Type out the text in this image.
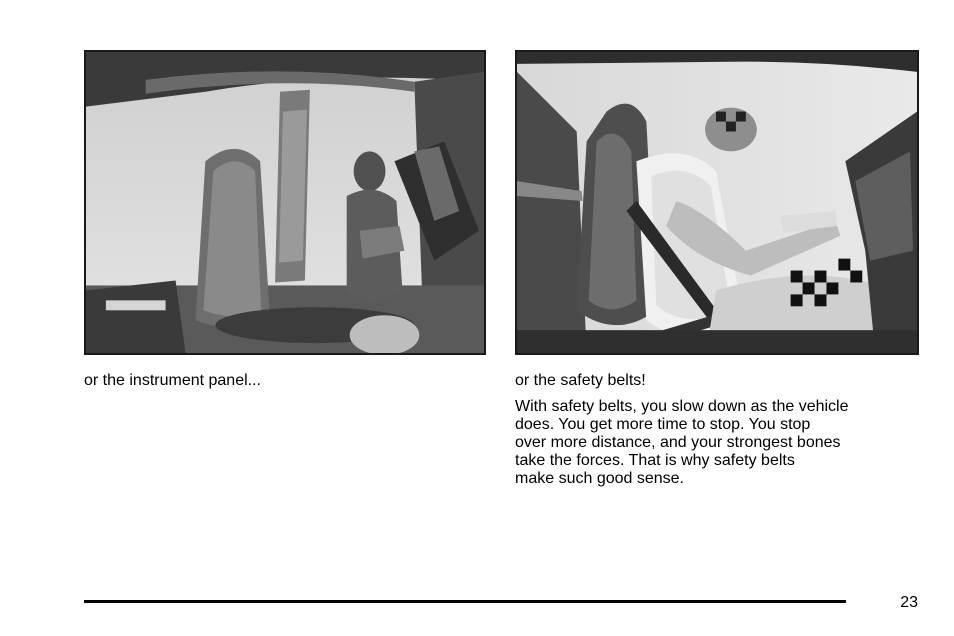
or the instrument panel...	or the safety belts!

With safety belts, you slow down as the vehicle
does. You get more time to stop. You stop
over more distance, and your strongest bones
take the forces. That is why safety belts
make such good sense.

23
